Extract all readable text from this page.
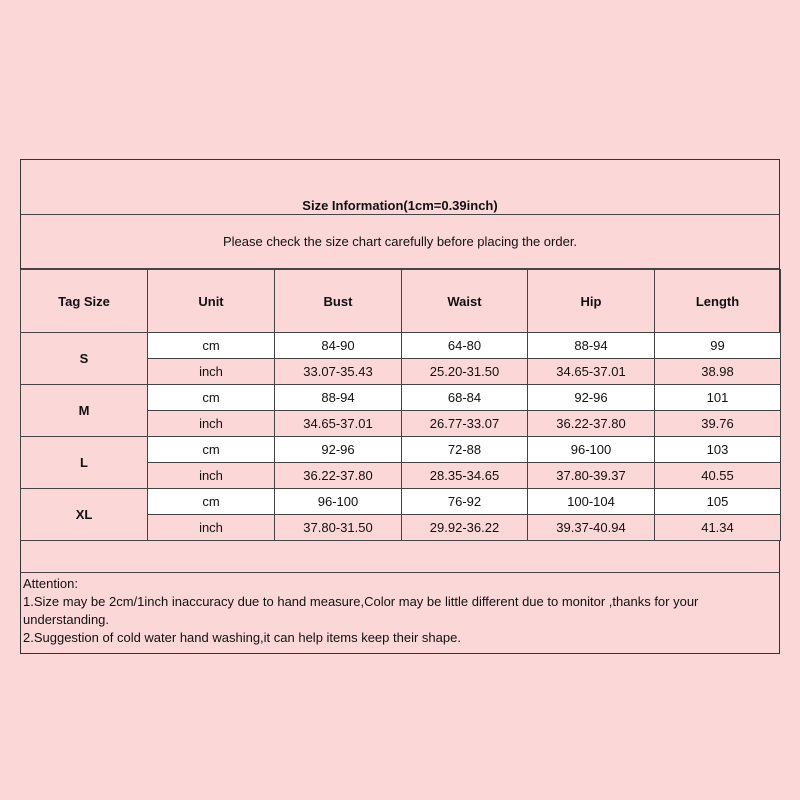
Size Information(1cm=0.39inch)
Please check the size chart carefully before placing the order.
Tag Size	Unit	Bust	Waist	Hip	Length
S	cm	84-90	64-80	88-94	99
	inch	33.07-35.43	25.20-31.50	34.65-37.01	38.98
M	cm	88-94	68-84	92-96	101
	inch	34.65-37.01	26.77-33.07	36.22-37.80	39.76
L	cm	92-96	72-88	96-100	103
	inch	36.22-37.80	28.35-34.65	37.80-39.37	40.55
XL	cm	96-100	76-92	100-104	105
	inch	37.80-31.50	29.92-36.22	39.37-40.94	41.34
Attention:
1.Size may be 2cm/1inch inaccuracy due to hand measure,Color may be little different due to monitor ,thanks for your understanding.
2.Suggestion of cold water hand washing,it can help items keep their shape.
